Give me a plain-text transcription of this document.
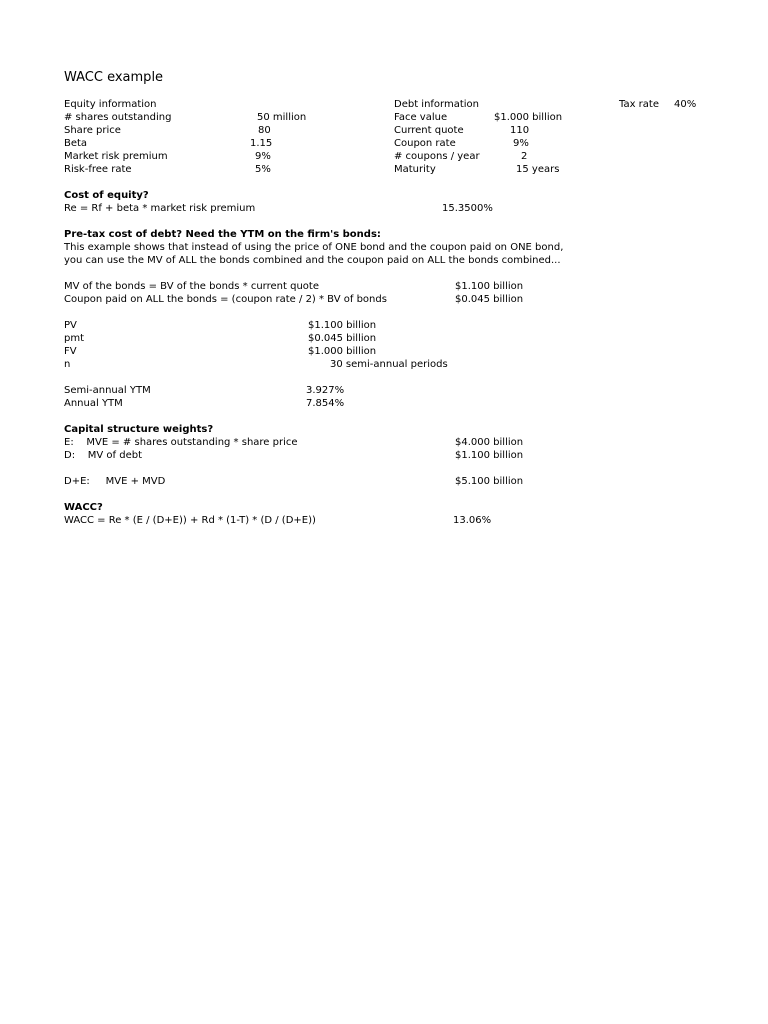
WACC example
Equity information
# shares outstanding	50 million
Share price	80
Beta	1.15
Market risk premium	9%
Risk-free rate	5%
Debt information
Face value	$1.000 billion
Current quote	110
Coupon rate	9%
# coupons / year	2
Maturity	15 years
Tax rate 40%
Cost of equity?
Re = Rf + beta * market risk premium	15.3500%
Pre-tax cost of debt? Need the YTM on the firm's bonds:
This example shows that instead of using the price of ONE bond and the coupon paid on ONE bond,
you can use the MV of ALL the bonds combined and the coupon paid on ALL the bonds combined...
MV of the bonds = BV of the bonds * current quote	$1.100 billion
Coupon paid on ALL the bonds = (coupon rate / 2) * BV of bonds	$0.045 billion
PV	$1.100 billion
pmt	$0.045 billion
FV	$1.000 billion
n	30 semi-annual periods
Semi-annual YTM	3.927%
Annual YTM	7.854%
Capital structure weights?
E:    MVE = # shares outstanding * share price	$4.000 billion
D:    MV of debt	$1.100 billion
D+E:     MVE + MVD	$5.100 billion
WACC?
WACC = Re * (E / (D+E)) + Rd * (1-T) * (D / (D+E))	13.06%
